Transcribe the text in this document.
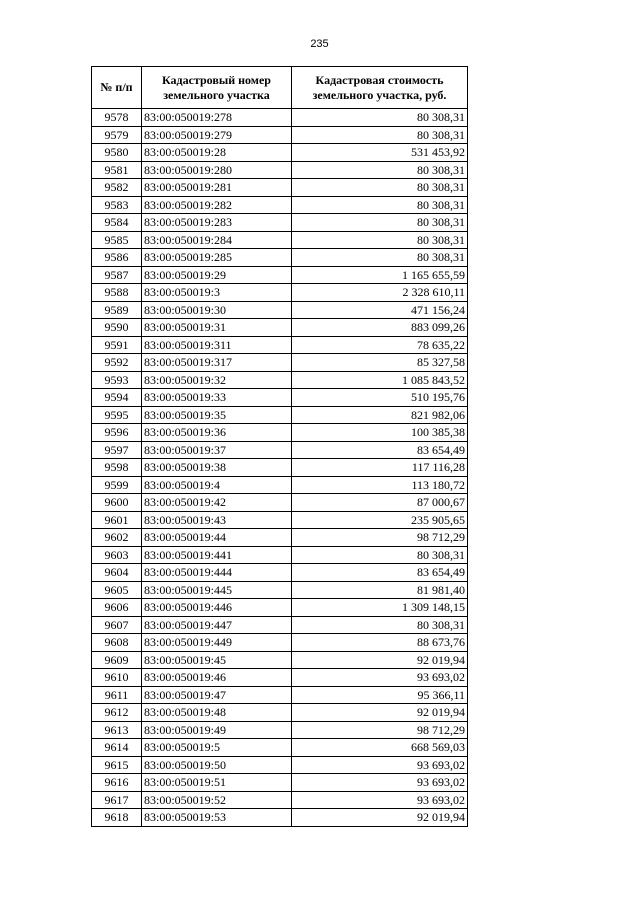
235
№ п/п	Кадастровый номер земельного участка	Кадастровая стоимость земельного участка, руб.
9578	83:00:050019:278	80 308,31
9579	83:00:050019:279	80 308,31
9580	83:00:050019:28	531 453,92
9581	83:00:050019:280	80 308,31
9582	83:00:050019:281	80 308,31
9583	83:00:050019:282	80 308,31
9584	83:00:050019:283	80 308,31
9585	83:00:050019:284	80 308,31
9586	83:00:050019:285	80 308,31
9587	83:00:050019:29	1 165 655,59
9588	83:00:050019:3	2 328 610,11
9589	83:00:050019:30	471 156,24
9590	83:00:050019:31	883 099,26
9591	83:00:050019:311	78 635,22
9592	83:00:050019:317	85 327,58
9593	83:00:050019:32	1 085 843,52
9594	83:00:050019:33	510 195,76
9595	83:00:050019:35	821 982,06
9596	83:00:050019:36	100 385,38
9597	83:00:050019:37	83 654,49
9598	83:00:050019:38	117 116,28
9599	83:00:050019:4	113 180,72
9600	83:00:050019:42	87 000,67
9601	83:00:050019:43	235 905,65
9602	83:00:050019:44	98 712,29
9603	83:00:050019:441	80 308,31
9604	83:00:050019:444	83 654,49
9605	83:00:050019:445	81 981,40
9606	83:00:050019:446	1 309 148,15
9607	83:00:050019:447	80 308,31
9608	83:00:050019:449	88 673,76
9609	83:00:050019:45	92 019,94
9610	83:00:050019:46	93 693,02
9611	83:00:050019:47	95 366,11
9612	83:00:050019:48	92 019,94
9613	83:00:050019:49	98 712,29
9614	83:00:050019:5	668 569,03
9615	83:00:050019:50	93 693,02
9616	83:00:050019:51	93 693,02
9617	83:00:050019:52	93 693,02
9618	83:00:050019:53	92 019,94
